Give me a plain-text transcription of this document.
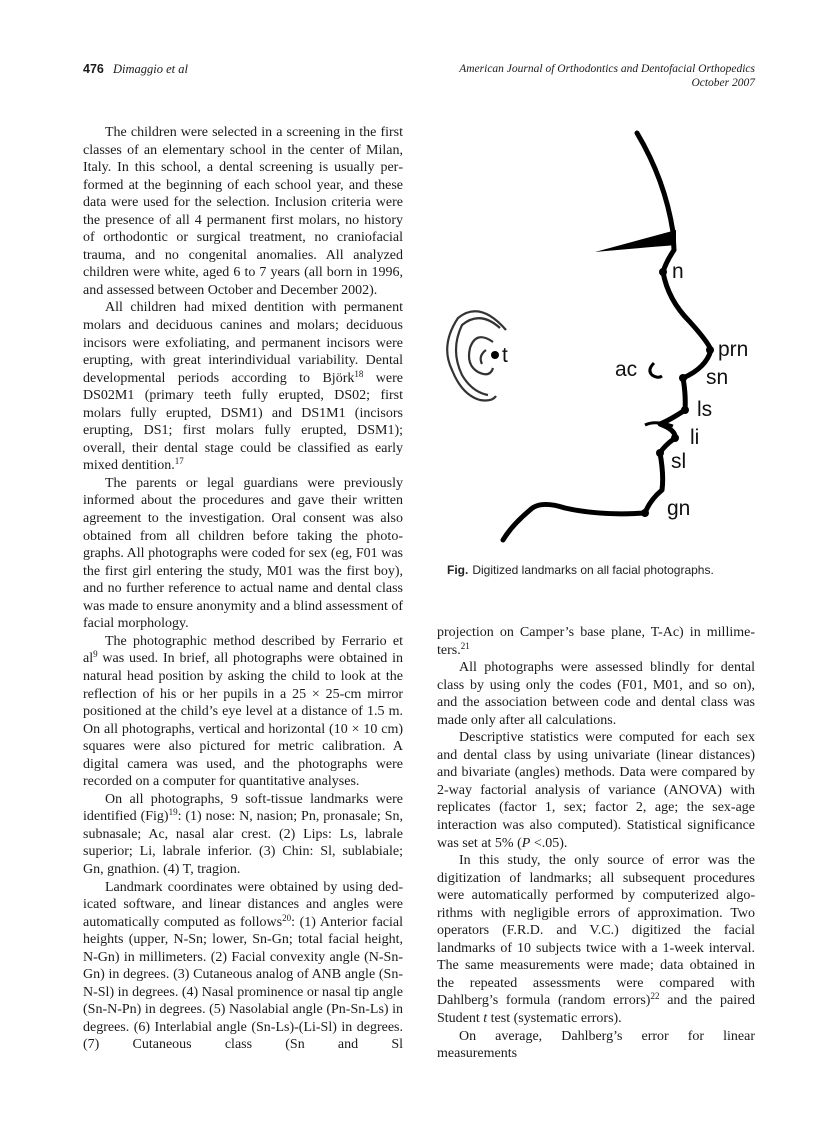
476 Dimaggio et al	American Journal of Orthodontics and Dentofacial Orthopedics
October 2007

The children were selected in a screening in the first classes of an elementary school in the center of Milan, Italy. In this school, a dental screening is usually performed at the beginning of each school year, and these data were used for the selection. Inclusion criteria were the presence of all 4 permanent first molars, no history of orthodontic or surgical treatment, no craniofacial trauma, and no congenital anomalies. All analyzed children were white, aged 6 to 7 years (all born in 1996, and assessed between October and December 2002).

All children had mixed dentition with permanent molars and deciduous canines and molars; deciduous incisors were exfoliating, and permanent incisors were erupting, with great interindividual variability. Dental developmental periods according to Björk$^{18}$ were DS02M1 (primary teeth fully erupted, DS02; first molars fully erupted, DSM1) and DS1M1 (incisors erupting, DS1; first molars fully erupted, DSM1); overall, their dental stage could be classified as early mixed dentition.$^{17}$

The parents or legal guardians were previously informed about the procedures and gave their written agreement to the investigation. Oral consent was also obtained from all children before taking the photographs. All photographs were coded for sex (eg, F01 was the first girl entering the study, M01 was the first boy), and no further reference to actual name and dental class was made to ensure anonymity and a blind assessment of facial morphology.

The photographic method described by Ferrario et $al^9$ was used. In brief, all photographs were obtained in natural head position by asking the child to look at the reflection of his or her pupils in a 25 × 25-cm mirror positioned at the child’s eye level at a distance of 1.5 m. On all photographs, vertical and horizontal (10 × 10 cm) squares were also pictured for metric calibration. A digital camera was used, and the photographs were recorded on a computer for quantitative analyses.

On all photographs, 9 soft-tissue landmarks were identified (Fig)$^{19}$: (1) nose: N, nasion; Pn, pronasale; Sn, subnasale; Ac, nasal alar crest. (2) Lips: Ls, labrale superior; Li, labrale inferior. (3) Chin: Sl, sublabiale; Gn, gnathion. (4) T, tragion.

Landmark coordinates were obtained by using dedicated software, and linear distances and angles were automatically computed as follows$^{20}$: (1) Anterior facial heights (upper, N-Sn; lower, Sn-Gn; total facial height, N-Gn) in millimeters. (2) Facial convexity angle (N-Sn-Gn) in degrees. (3) Cutaneous analog of ANB angle (Sn-N-Sl) in degrees. (4) Nasal prominence or nasal tip angle (Sn-N-Pn) in degrees. (5) Nasolabial angle (Pn-Sn-Ls) in degrees. (6) Interlabial angle (Sn-Ls)-(Li-Sl) in degrees. (7) Cutaneous class (Sn and Sl

projection on Camper’s base plane, T-Ac) in millimeters.$^{21}$

All photographs were assessed blindly for dental class by using only the codes (F01, M01, and so on), and the association between code and dental class was made only after all calculations.

Descriptive statistics were computed for each sex and dental class by using univariate (linear distances) and bivariate (angles) methods. Data were compared by 2-way factorial analysis of variance (ANOVA) with replicates (factor 1, sex; factor 2, age; the sex-age interaction was also computed). Statistical significance was set at 5% (P <.05).

In this study, the only source of error was the digitization of landmarks; all subsequent procedures were automatically performed by computerized algorithms with negligible errors of approximation. Two operators (F.R.D. and V.C.) digitized the facial landmarks of 10 subjects twice with a 1-week interval. The same measurements were made; data obtained in the repeated assessments were compared with Dahlberg’s formula (random errors)$^{22}$ and the paired Student t test (systematic errors).

On average, Dahlberg’s error for linear measurements

n
prn
sn
ls
li
sl
gn
ac
t
Fig. Digitized landmarks on all facial photographs.
